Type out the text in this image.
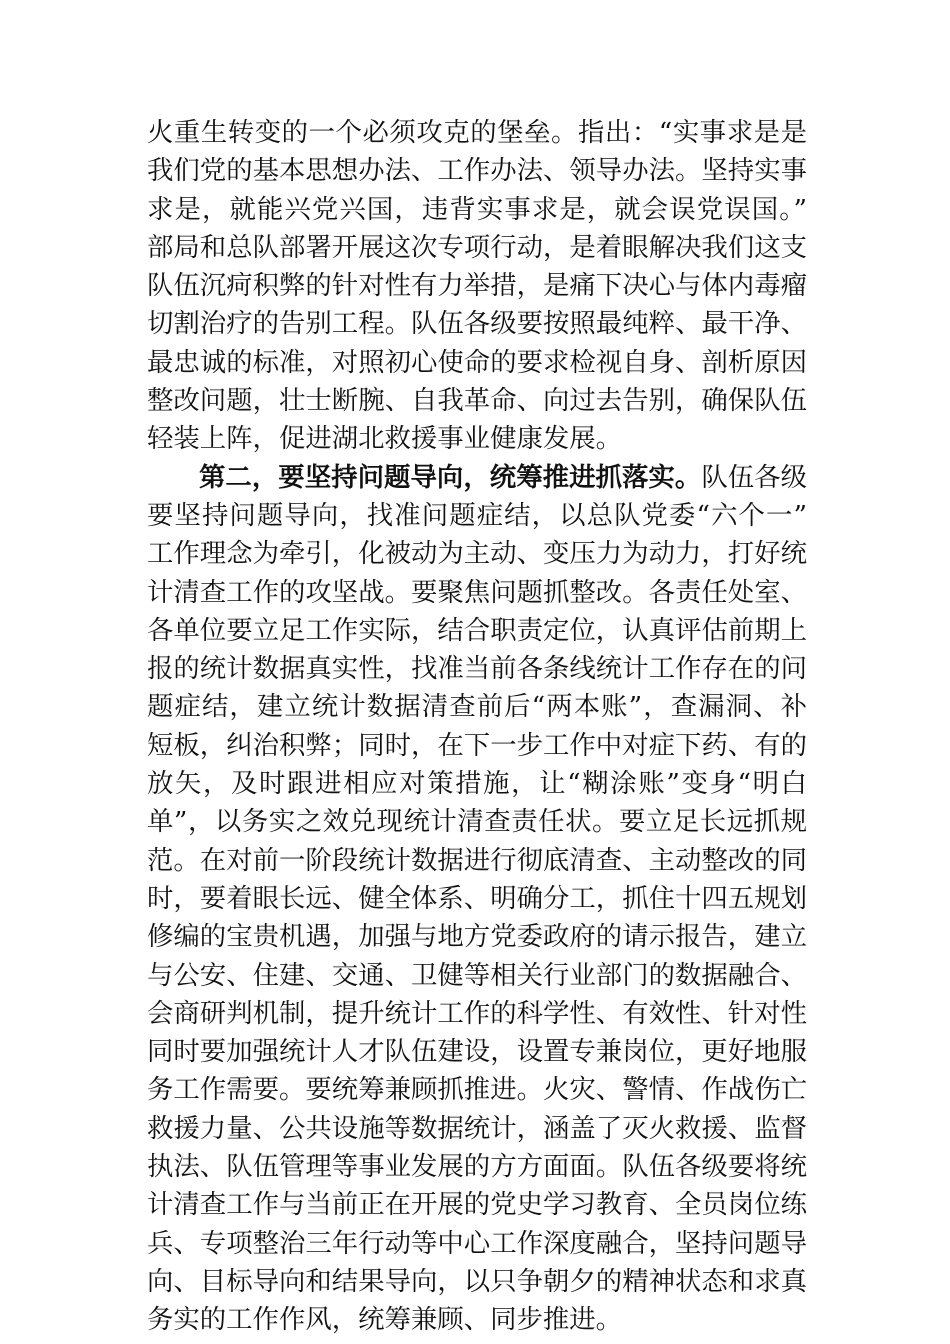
火重生转变的一个必须攻克的堡垒。指出：“实事求是是
我们党的基本思想办法、工作办法、领导办法。坚持实事
求是，就能兴党兴国，违背实事求是，就会误党误国。”
部局和总队部署开展这次专项行动，是着眼解决我们这支
队伍沉疴积弊的针对性有力举措，是痛下决心与体内毒瘤
切割治疗的告别工程。队伍各级要按照最纯粹、最干净、
最忠诚的标准，对照初心使命的要求检视自身、剖析原因
整改问题，壮士断腕、自我革命、向过去告别，确保队伍
轻装上阵，促进湖北救援事业健康发展。
第二，要坚持问题导向，统筹推进抓落实。队伍各级
要坚持问题导向，找准问题症结，以总队党委“六个一”
工作理念为牵引，化被动为主动、变压力为动力，打好统
计清查工作的攻坚战。要聚焦问题抓整改。各责任处室、
各单位要立足工作实际，结合职责定位，认真评估前期上
报的统计数据真实性，找准当前各条线统计工作存在的问
题症结，建立统计数据清查前后“两本账”，查漏洞、补
短板，纠治积弊；同时，在下一步工作中对症下药、有的
放矢，及时跟进相应对策措施，让“糊涂账”变身“明白
单”，以务实之效兑现统计清查责任状。要立足长远抓规
范。在对前一阶段统计数据进行彻底清查、主动整改的同
时，要着眼长远、健全体系、明确分工，抓住十四五规划
修编的宝贵机遇，加强与地方党委政府的请示报告，建立
与公安、住建、交通、卫健等相关行业部门的数据融合、
会商研判机制，提升统计工作的科学性、有效性、针对性
同时要加强统计人才队伍建设，设置专兼岗位，更好地服
务工作需要。要统筹兼顾抓推进。火灾、警情、作战伤亡
救援力量、公共设施等数据统计，涵盖了灭火救援、监督
执法、队伍管理等事业发展的方方面面。队伍各级要将统
计清查工作与当前正在开展的党史学习教育、全员岗位练
兵、专项整治三年行动等中心工作深度融合，坚持问题导
向、目标导向和结果导向，以只争朝夕的精神状态和求真
务实的工作作风，统筹兼顾、同步推进。
